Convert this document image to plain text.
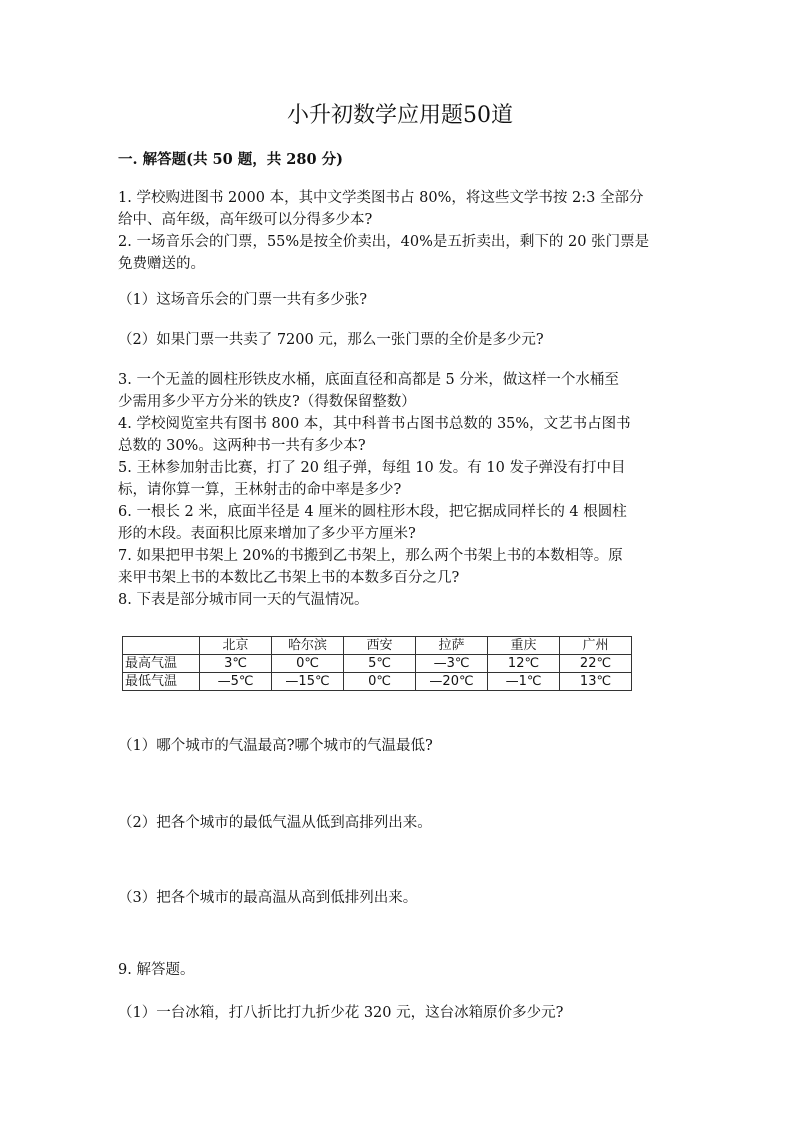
小升初数学应用题50道
一. 解答题(共 50 题，共 280 分)
1. 学校购进图书 2000 本，其中文学类图书占 80%，将这些文学书按 2:3 全部分
给中、高年级，高年级可以分得多少本?
2. 一场音乐会的门票，55%是按全价卖出，40%是五折卖出，剩下的 20 张门票是
免费赠送的。
（1）这场音乐会的门票一共有多少张?
（2）如果门票一共卖了 7200 元，那么一张门票的全价是多少元?
3. 一个无盖的圆柱形铁皮水桶，底面直径和高都是 5 分米，做这样一个水桶至
少需用多少平方分米的铁皮?（得数保留整数）
4. 学校阅览室共有图书 800 本，其中科普书占图书总数的 35%，文艺书占图书
总数的 30%。这两种书一共有多少本?
5. 王林参加射击比赛，打了 20 组子弹，每组 10 发。有 10 发子弹没有打中目
标，请你算一算，王林射击的命中率是多少?
6. 一根长 2 米，底面半径是 4 厘米的圆柱形木段，把它据成同样长的 4 根圆柱
形的木段。表面积比原来增加了多少平方厘米?
7. 如果把甲书架上 20%的书搬到乙书架上，那么两个书架上书的本数相等。原
来甲书架上书的本数比乙书架上书的本数多百分之几?
8. 下表是部分城市同一天的气温情况。
	北京	哈尔滨	西安	拉萨	重庆	广州
最高气温	3℃	0℃	5℃	—3℃	12℃	22℃
最低气温	—5℃	—15℃	0℃	—20℃	—1℃	13℃
（1）哪个城市的气温最高?哪个城市的气温最低?
（2）把各个城市的最低气温从低到高排列出来。
（3）把各个城市的最高温从高到低排列出来。
9. 解答题。
（1）一台冰箱，打八折比打九折少花 320 元，这台冰箱原价多少元?
